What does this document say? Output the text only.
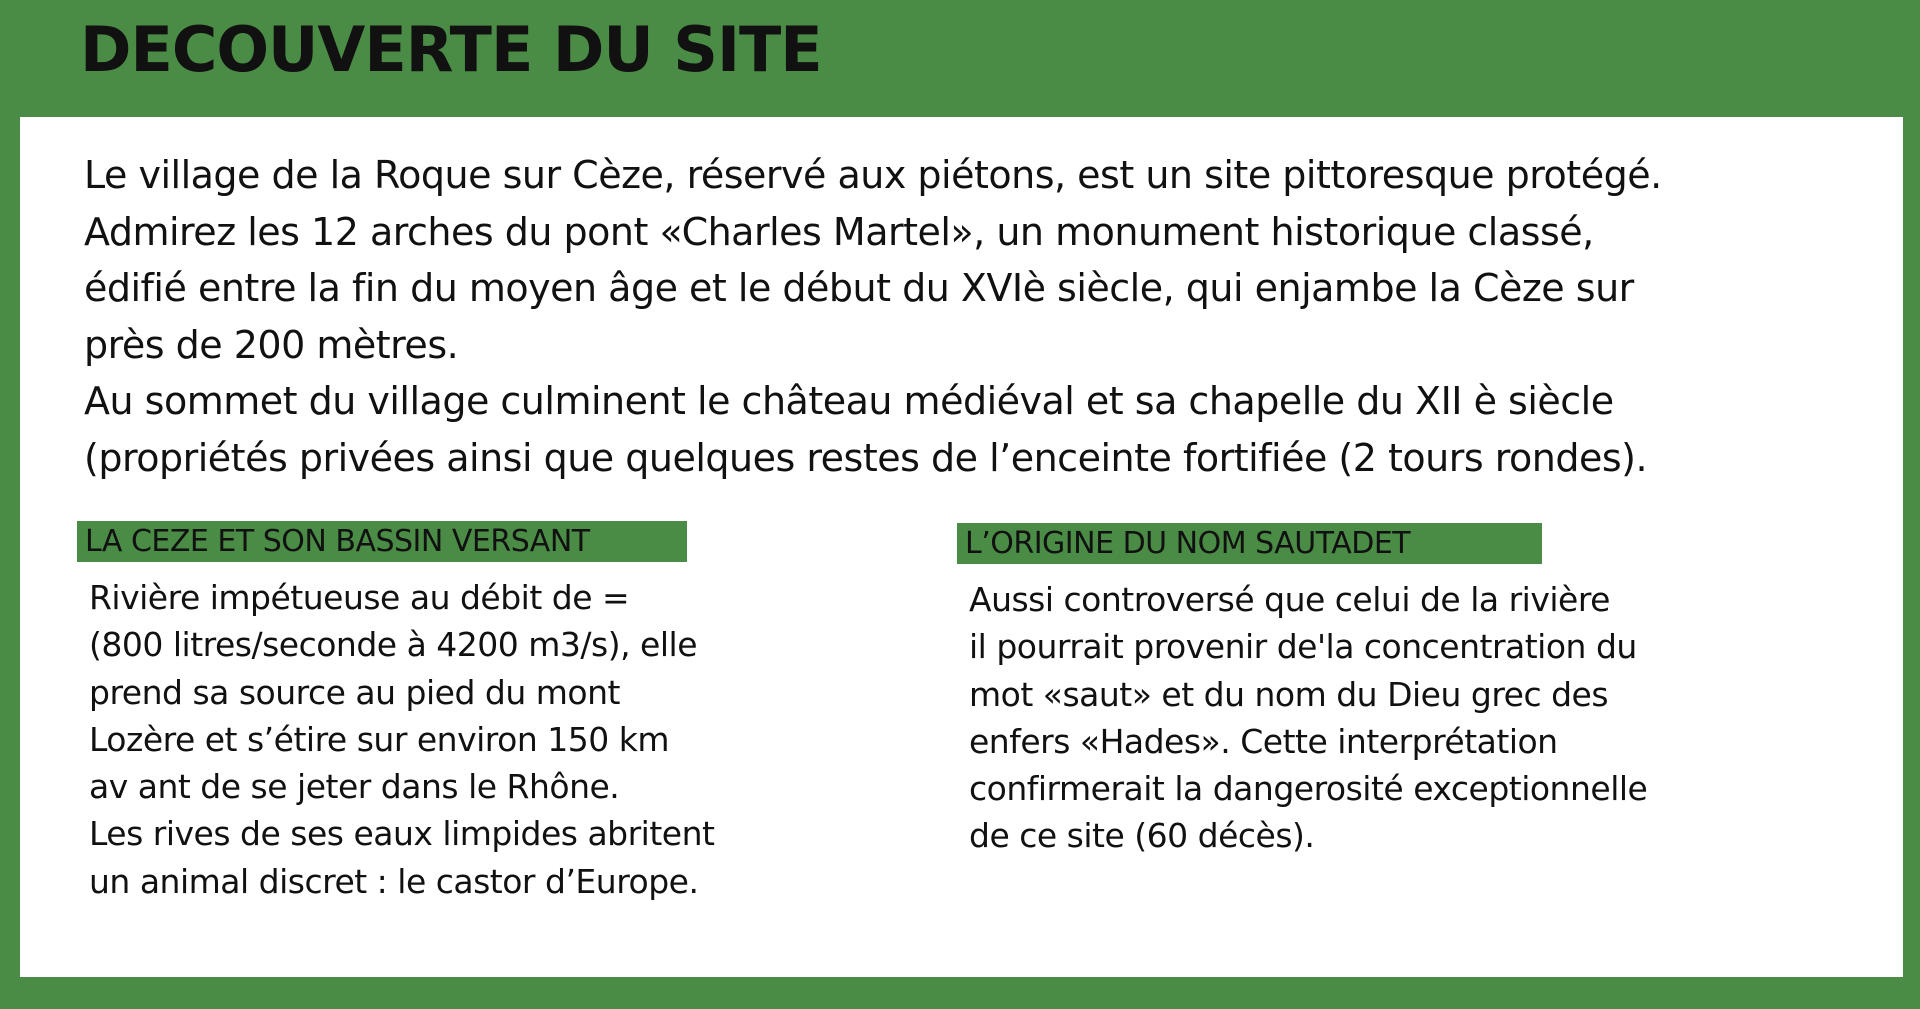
DECOUVERTE DU SITE

Le village de la Roque sur Cèze, réservé aux piétons, est un site pittoresque protégé.
Admirez les 12 arches du pont «Charles Martel», un monument historique classé,
édifié entre la fin du moyen âge et le début du XVIè siècle, qui enjambe la Cèze sur
près de 200 mètres.
Au sommet du village culminent le château médiéval et sa chapelle du XII è siècle
(propriétés privées ainsi que quelques restes de l’enceinte fortifiée (2 tours rondes).

LA CEZE ET SON BASSIN VERSANT
Rivière impétueuse au débit de =
(800 litres/seconde à 4200 m3/s), elle
prend sa source au pied du mont
Lozère et s’étire sur environ 150 km
av ant de se jeter dans le Rhône.
Les rives de ses eaux limpides abritent
un animal discret : le castor d’Europe.
L’ORIGINE DU NOM SAUTADET
Aussi controversé que celui de la rivière
il pourrait provenir de'la concentration du
mot «saut» et du nom du Dieu grec des
enfers «Hades». Cette interprétation
confirmerait la dangerosité exceptionnelle
de ce site (60 décès).
